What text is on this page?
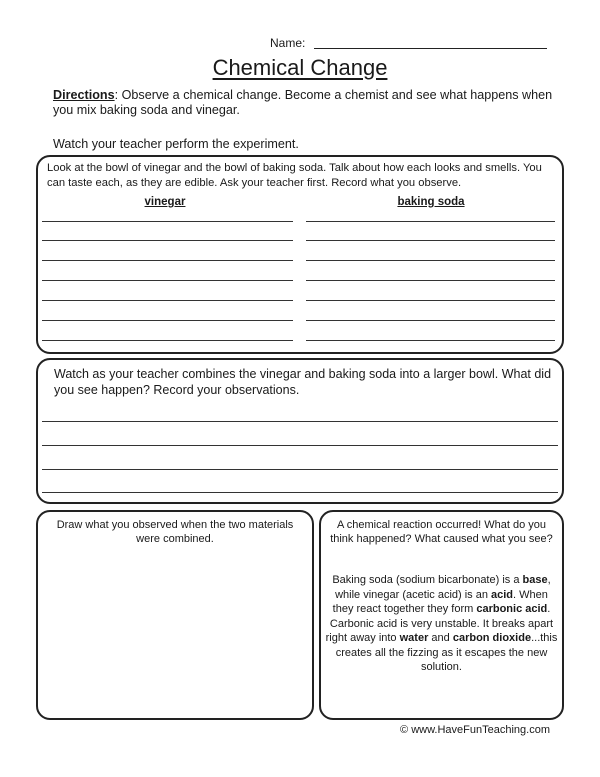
Name:
Chemical Change
Directions: Observe a chemical change. Become a chemist and see what happens when you mix baking soda and vinegar.
Watch your teacher perform the experiment.
Look at the bowl of vinegar and the bowl of baking soda. Talk about how each looks and smells. You can taste each, as they are edible. Ask your teacher first. Record what you observe.
vinegar	baking soda
Watch as your teacher combines the vinegar and baking soda into a larger bowl. What did you see happen? Record your observations.
Draw what you observed when the two materials were combined.
A chemical reaction occurred! What do you think happened? What caused what you see?
Baking soda (sodium bicarbonate) is a base, while vinegar (acetic acid) is an acid. When they react together they form carbonic acid. Carbonic acid is very unstable. It breaks apart right away into water and carbon dioxide...this creates all the fizzing as it escapes the new solution.
© www.HaveFunTeaching.com
